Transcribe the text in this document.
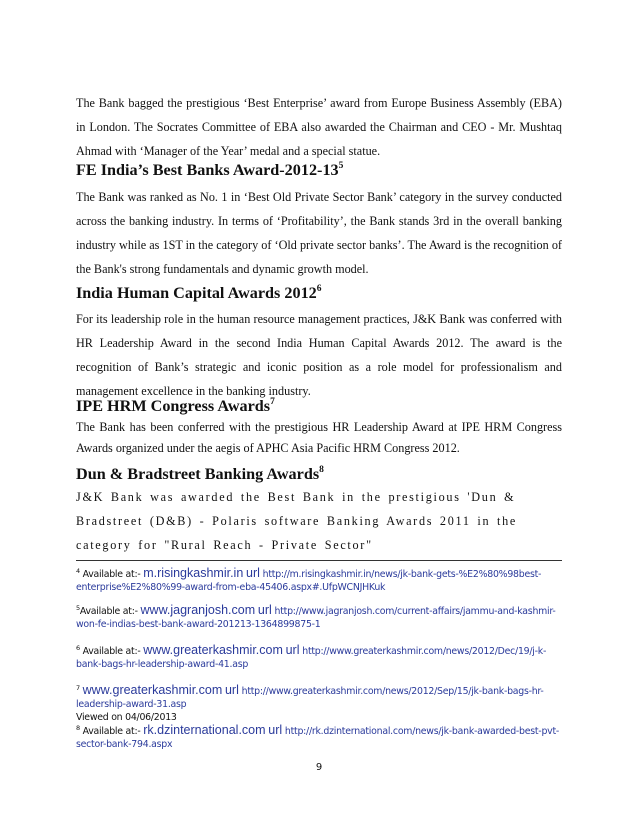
The Bank bagged the prestigious ‘Best Enterprise’ award from Europe Business Assembly (EBA) in London. The Socrates Committee of EBA also awarded the Chairman and CEO - Mr. Mushtaq Ahmad with ‘Manager of the Year’ medal and a special statue.

FE India’s Best Banks Award-$2012-13^5$

The Bank was ranked as No. 1 in ‘Best Old Private Sector Bank’ category in the survey conducted across the banking industry. In terms of ‘Profitability’, the Bank stands 3rd in the overall banking industry while as 1ST in the category of ‘Old private sector banks’. The Award is the recognition of the Bank's strong fundamentals and dynamic growth model.

India Human Capital Awards 2012$^6$

For its leadership role in the human resource management practices, J&K Bank was conferred with HR Leadership Award in the second India Human Capital Awards 2012. The award is the recognition of Bank’s strategic and iconic position as a role model for professionalism and management excellence in the banking industry.

IPE HRM Congress Awards$^7$

The Bank has been conferred with the prestigious HR Leadership Award at IPE HRM Congress Awards organized under the aegis of APHC Asia Pacific HRM Congress 2012.

Dun & Bradstreet Banking Awards$^8$

J&K Bank was awarded the Best Bank in the prestigious 'Dun & Bradstreet (D&B) - Polaris software Banking Awards 2011 in the category for "Rural Reach - Private Sector"

$^4$ Available at:- m.risingkashmir.in url http://m.risingkashmir.in/news/jk-bank-gets-%E2%80%98best-enterprise%E2%80%99-award-from-eba-45406.aspx#.UfpWCNJHKuk

$^5$Available at:- www.jagranjosh.com url http://www.jagranjosh.com/current-affairs/jammu-and-kashmir-won-fe-indias-best-bank-award-201213-1364899875-1

$^6$ Available at:- www.greaterkashmir.com url http://www.greaterkashmir.com/news/2012/Dec/19/j-k-bank-bags-hr-leadership-award-41.asp

$^7$ www.greaterkashmir.com url http://www.greaterkashmir.com/news/2012/Sep/15/jk-bank-bags-hr-leadership-award-31.asp
Viewed on 04/06/2013

$^8$ Available at:- rk.dzinternational.com url http://rk.dzinternational.com/news/jk-bank-awarded-best-pvt-sector-bank-794.aspx

9
